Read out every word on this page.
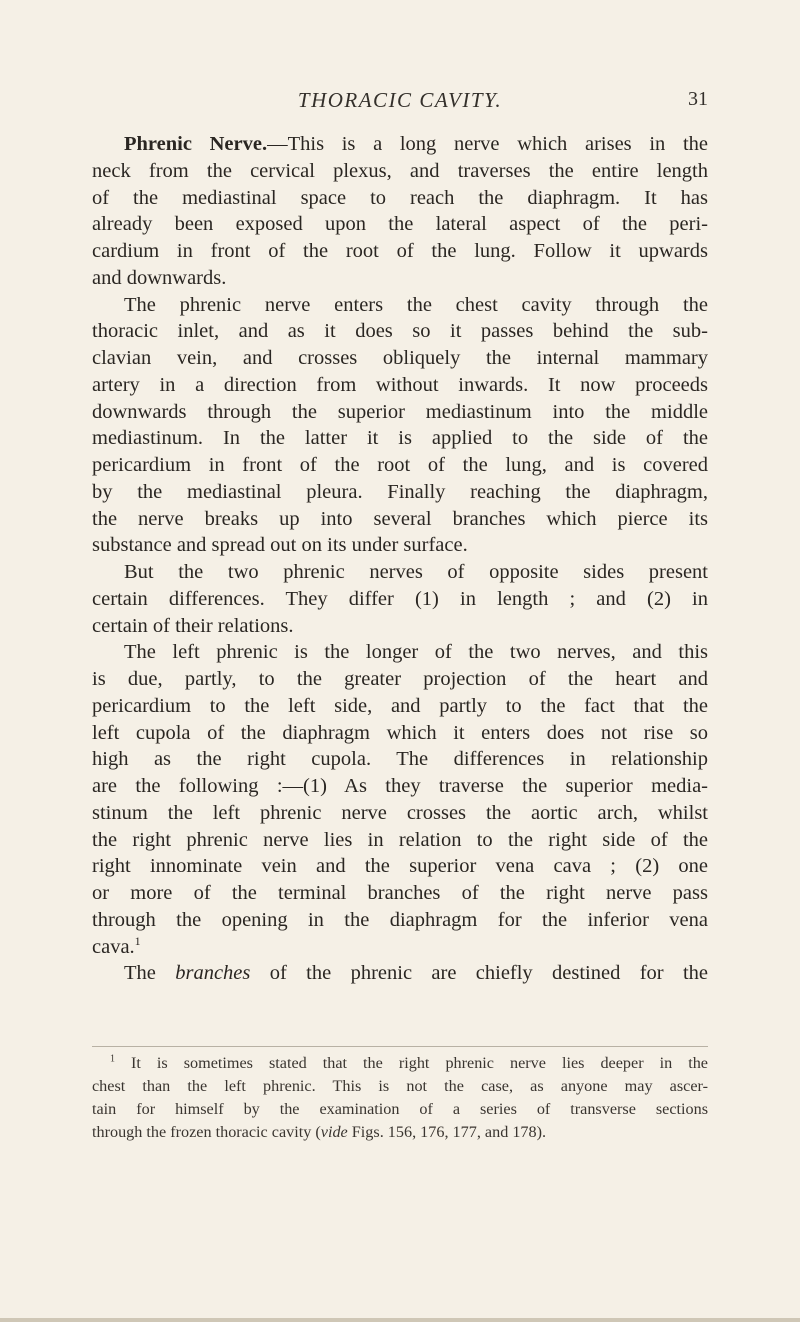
THORACIC CAVITY.	31
Phrenic Nerve.—This is a long nerve which arises in the
neck from the cervical plexus, and traverses the entire length
of the mediastinal space to reach the diaphragm. It has
already been exposed upon the lateral aspect of the peri-
cardium in front of the root of the lung. Follow it upwards
and downwards.
The phrenic nerve enters the chest cavity through the
thoracic inlet, and as it does so it passes behind the sub-
clavian vein, and crosses obliquely the internal mammary
artery in a direction from without inwards. It now proceeds
downwards through the superior mediastinum into the middle
mediastinum. In the latter it is applied to the side of the
pericardium in front of the root of the lung, and is covered
by the mediastinal pleura. Finally reaching the diaphragm,
the nerve breaks up into several branches which pierce its
substance and spread out on its under surface.
But the two phrenic nerves of opposite sides present
certain differences. They differ (1) in length ; and (2) in
certain of their relations.
The left phrenic is the longer of the two nerves, and this
is due, partly, to the greater projection of the heart and
pericardium to the left side, and partly to the fact that the
left cupola of the diaphragm which it enters does not rise so
high as the right cupola. The differences in relationship
are the following :—(1) As they traverse the superior media-
stinum the left phrenic nerve crosses the aortic arch, whilst
the right phrenic nerve lies in relation to the right side of the
right innominate vein and the superior vena cava ; (2) one
or more of the terminal branches of the right nerve pass
through the opening in the diaphragm for the inferior vena
cava.$^1$
The branches of the phrenic are chiefly destined for the
$^1$ It is sometimes stated that the right phrenic nerve lies deeper in the
chest than the left phrenic. This is not the case, as anyone may ascer-
tain for himself by the examination of a series of transverse sections
through the frozen thoracic cavity (vide Figs. 156, 176, 177, and 178).
